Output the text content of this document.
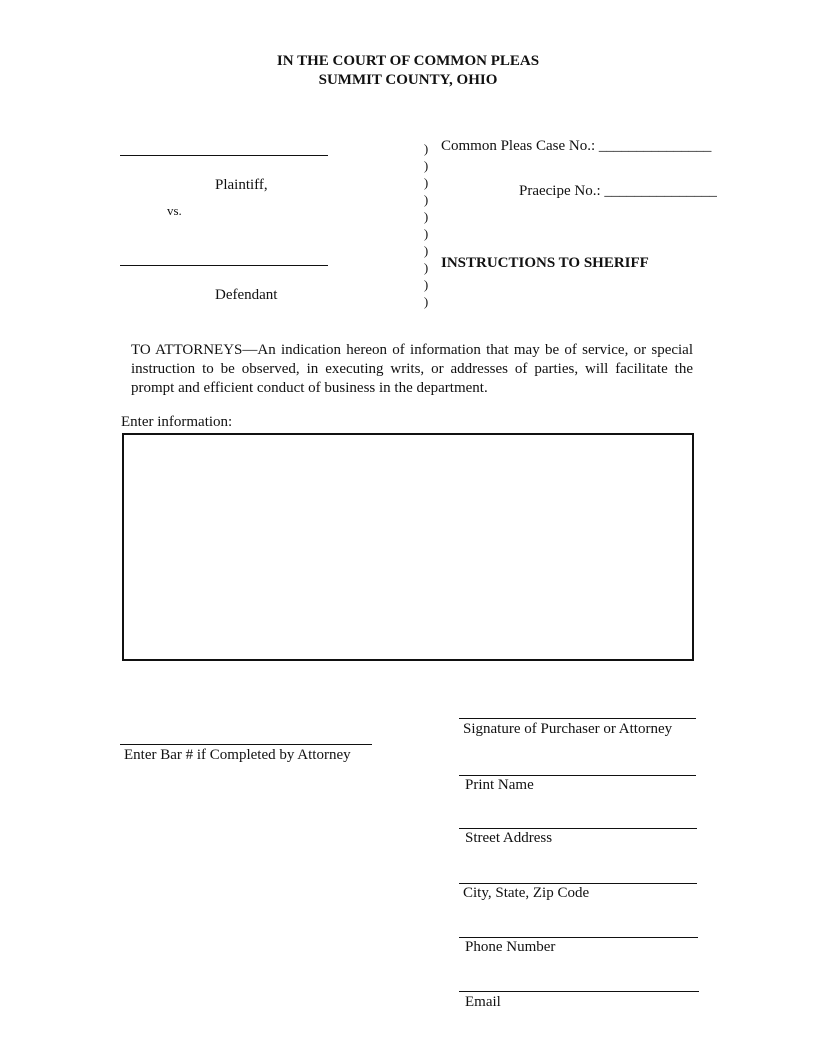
IN THE COURT OF COMMON PLEAS
SUMMIT COUNTY, OHIO
Plaintiff,
vs.
Defendant
)
)
)
)
)
)
)
)
)
)
Common Pleas Case No.: _______________
Praecipe No.: _______________
INSTRUCTIONS TO SHERIFF
TO ATTORNEYS—An indication hereon of information that may be of service, or special instruction to be observed, in executing writs, or addresses of parties, will facilitate the prompt and efficient conduct of business in the department.
Enter information:
Enter Bar # if Completed by Attorney
Signature of Purchaser or Attorney
Print Name
Street Address
City, State, Zip Code
Phone Number
Email
